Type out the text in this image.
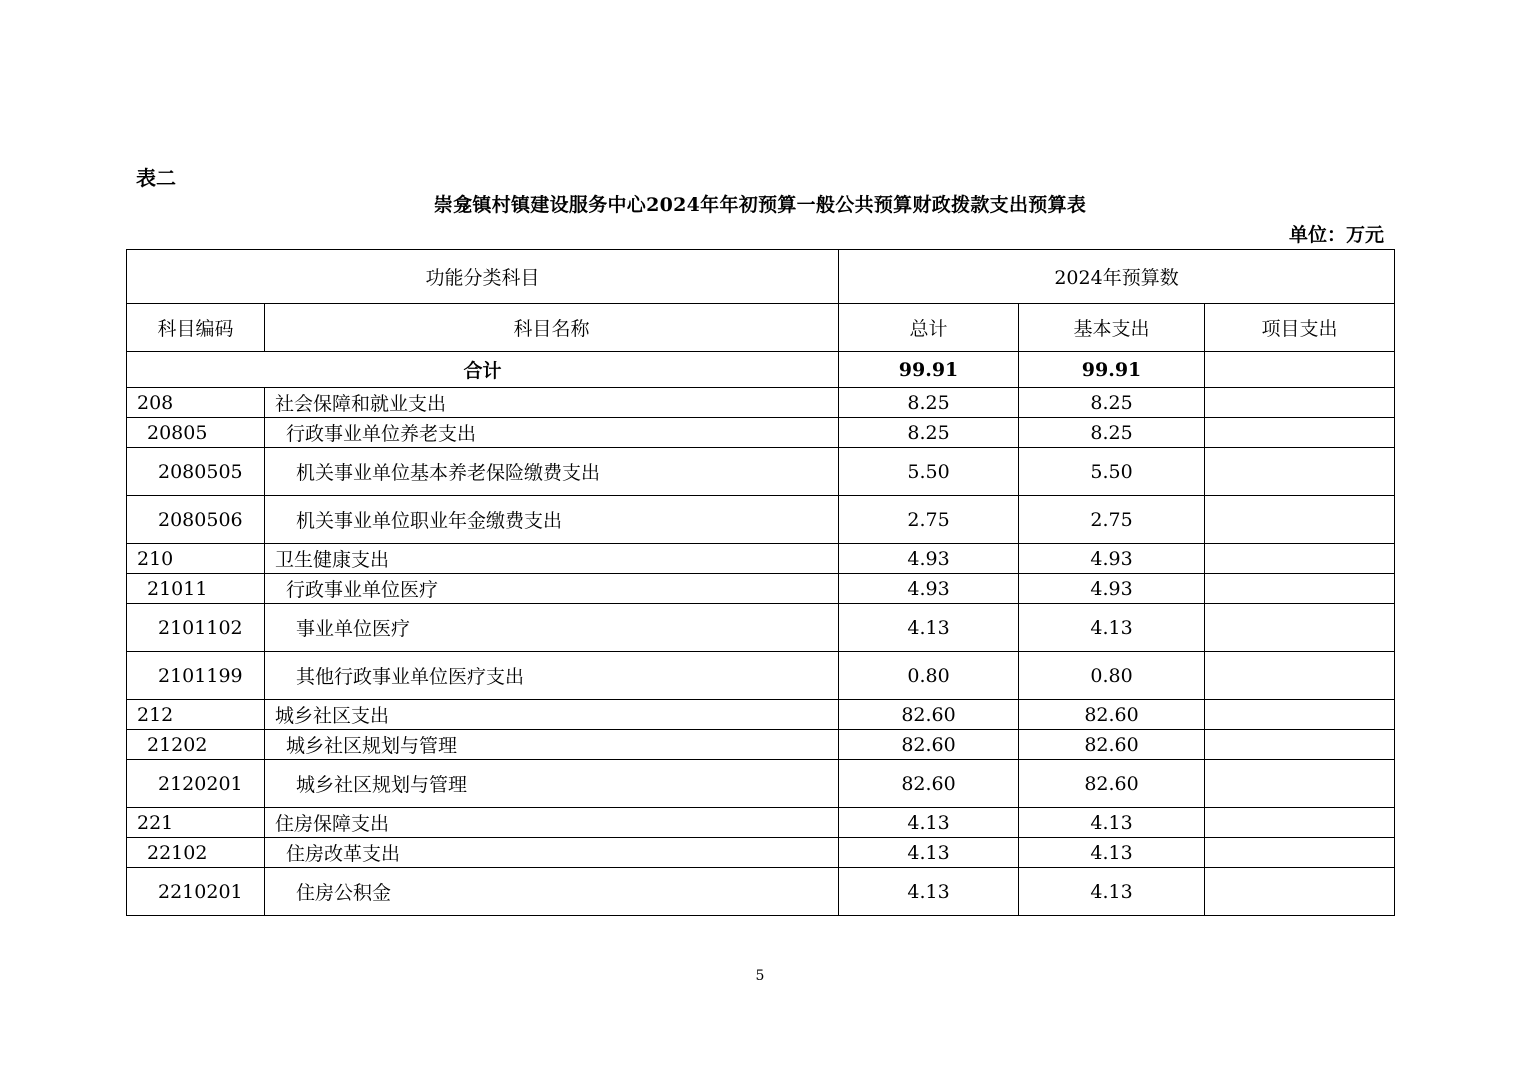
表二
崇龛镇村镇建设服务中心2024年年初预算一般公共预算财政拨款支出预算表
单位：万元
功能分类科目		2024年预算数		
科目编码	科目名称	总计	基本支出	项目支出
合计		99.91	99.91	
208	社会保障和就业支出	8.25	8.25	
20805	行政事业单位养老支出	8.25	8.25	
2080505	机关事业单位基本养老保险缴费支出	5.50	5.50	
2080506	机关事业单位职业年金缴费支出	2.75	2.75	
210	卫生健康支出	4.93	4.93	
21011	行政事业单位医疗	4.93	4.93	
2101102	事业单位医疗	4.13	4.13	
2101199	其他行政事业单位医疗支出	0.80	0.80	
212	城乡社区支出	82.60	82.60	
21202	城乡社区规划与管理	82.60	82.60	
2120201	城乡社区规划与管理	82.60	82.60	
221	住房保障支出	4.13	4.13	
22102	住房改革支出	4.13	4.13	
2210201	住房公积金	4.13	4.13	
5
